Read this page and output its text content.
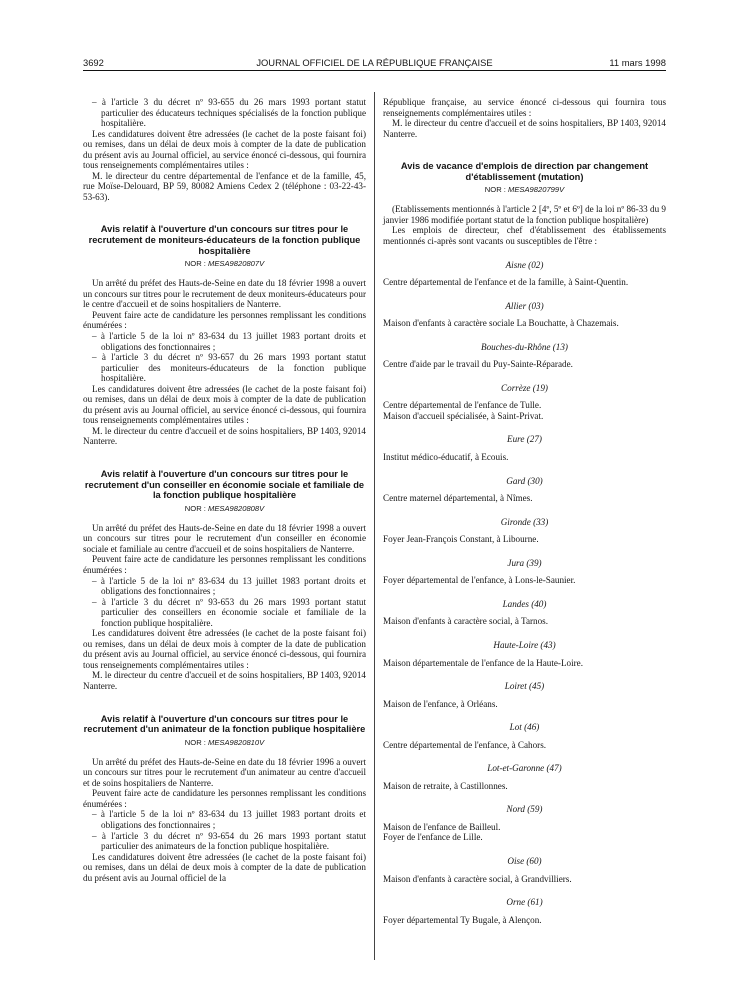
3692	JOURNAL OFFICIEL DE LA RÉPUBLIQUE FRANÇAISE	11 mars 1998

– à l'article 3 du décret nº 93-655 du 26 mars 1993 portant statut particulier des éducateurs techniques spécialisés de la fonction publique hospitalière.

Les candidatures doivent être adressées (le cachet de la poste faisant foi) ou remises, dans un délai de deux mois à compter de la date de publication du présent avis au Journal officiel, au service énoncé ci-dessous, qui fournira tous renseignements complémentaires utiles :

M. le directeur du centre départemental de l'enfance et de la famille, 45, rue Moïse-Delouard, BP 59, 80082 Amiens Cedex 2 (téléphone : 03-22-43-53-63).

Avis relatif à l'ouverture d'un concours sur titres pour le recrutement de moniteurs-éducateurs de la fonction publique hospitalière

NOR : MESA9820807V

Un arrêté du préfet des Hauts-de-Seine en date du 18 février 1998 a ouvert un concours sur titres pour le recrutement de deux moniteurs-éducateurs pour le centre d'accueil et de soins hospitaliers de Nanterre.

Peuvent faire acte de candidature les personnes remplissant les conditions énumérées :

– à l'article 5 de la loi nº 83-634 du 13 juillet 1983 portant droits et obligations des fonctionnaires ;

– à l'article 3 du décret nº 93-657 du 26 mars 1993 portant statut particulier des moniteurs-éducateurs de la fonction publique hospitalière.

Les candidatures doivent être adressées (le cachet de la poste faisant foi) ou remises, dans un délai de deux mois à compter de la date de publication du présent avis au Journal officiel, au service énoncé ci-dessous, qui fournira tous renseignements complémentaires utiles :

M. le directeur du centre d'accueil et de soins hospitaliers, BP 1403, 92014 Nanterre.

Avis relatif à l'ouverture d'un concours sur titres pour le recrutement d'un conseiller en économie sociale et familiale de la fonction publique hospitalière

NOR : MESA9820808V

Un arrêté du préfet des Hauts-de-Seine en date du 18 février 1998 a ouvert un concours sur titres pour le recrutement d'un conseiller en économie sociale et familiale au centre d'accueil et de soins hospitaliers de Nanterre.

Peuvent faire acte de candidature les personnes remplissant les conditions énumérées :

– à l'article 5 de la loi nº 83-634 du 13 juillet 1983 portant droits et obligations des fonctionnaires ;

– à l'article 3 du décret nº 93-653 du 26 mars 1993 portant statut particulier des conseillers en économie sociale et familiale de la fonction publique hospitalière.

Les candidatures doivent être adressées (le cachet de la poste faisant foi) ou remises, dans un délai de deux mois à compter de la date de publication du présent avis au Journal officiel, au service énoncé ci-dessous, qui fournira tous renseignements complémentaires utiles :

M. le directeur du centre d'accueil et de soins hospitaliers, BP 1403, 92014 Nanterre.

Avis relatif à l'ouverture d'un concours sur titres pour le recrutement d'un animateur de la fonction publique hospitalière

NOR : MESA9820810V

Un arrêté du préfet des Hauts-de-Seine en date du 18 février 1996 a ouvert un concours sur titres pour le recrutement d'un animateur au centre d'accueil et de soins hospitaliers de Nanterre.

Peuvent faire acte de candidature les personnes remplissant les conditions énumérées :

– à l'article 5 de la loi nº 83-634 du 13 juillet 1983 portant droits et obligations des fonctionnaires ;

– à l'article 3 du décret nº 93-654 du 26 mars 1993 portant statut particulier des animateurs de la fonction publique hospitalière.

Les candidatures doivent être adressées (le cachet de la poste faisant foi) ou remises, dans un délai de deux mois à compter de la date de publication du présent avis au Journal officiel de la

République française, au service énoncé ci-dessous qui fournira tous renseignements complémentaires utiles :

M. le directeur du centre d'accueil et de soins hospitaliers, BP 1403, 92014 Nanterre.

Avis de vacance d'emplois de direction par changement d'établissement (mutation)

NOR : MESA9820799V

(Etablissements mentionnés à l'article 2 [4º, 5º et 6º] de la loi nº 86-33 du 9 janvier 1986 modifiée portant statut de la fonction publique hospitalière)

Les emplois de directeur, chef d'établissement des établissements mentionnés ci-après sont vacants ou susceptibles de l'être :

Aisne (02)

Centre départemental de l'enfance et de la famille, à Saint-Quentin.

Allier (03)

Maison d'enfants à caractère sociale La Bouchatte, à Chazemais.

Bouches-du-Rhône (13)

Centre d'aide par le travail du Puy-Sainte-Réparade.

Corrèze (19)

Centre départemental de l'enfance de Tulle.

Maison d'accueil spécialisée, à Saint-Privat.

Eure (27)

Institut médico-éducatif, à Ecouis.

Gard (30)

Centre maternel départemental, à Nîmes.

Gironde (33)

Foyer Jean-François Constant, à Libourne.

Jura (39)

Foyer départemental de l'enfance, à Lons-le-Saunier.

Landes (40)

Maison d'enfants à caractère social, à Tarnos.

Haute-Loire (43)

Maison départementale de l'enfance de la Haute-Loire.

Loiret (45)

Maison de l'enfance, à Orléans.

Lot (46)

Centre départemental de l'enfance, à Cahors.

Lot-et-Garonne (47)

Maison de retraite, à Castillonnes.

Nord (59)

Maison de l'enfance de Bailleul.

Foyer de l'enfance de Lille.

Oise (60)

Maison d'enfants à caractère social, à Grandvilliers.

Orne (61)

Foyer départemental Ty Bugale, à Alençon.
